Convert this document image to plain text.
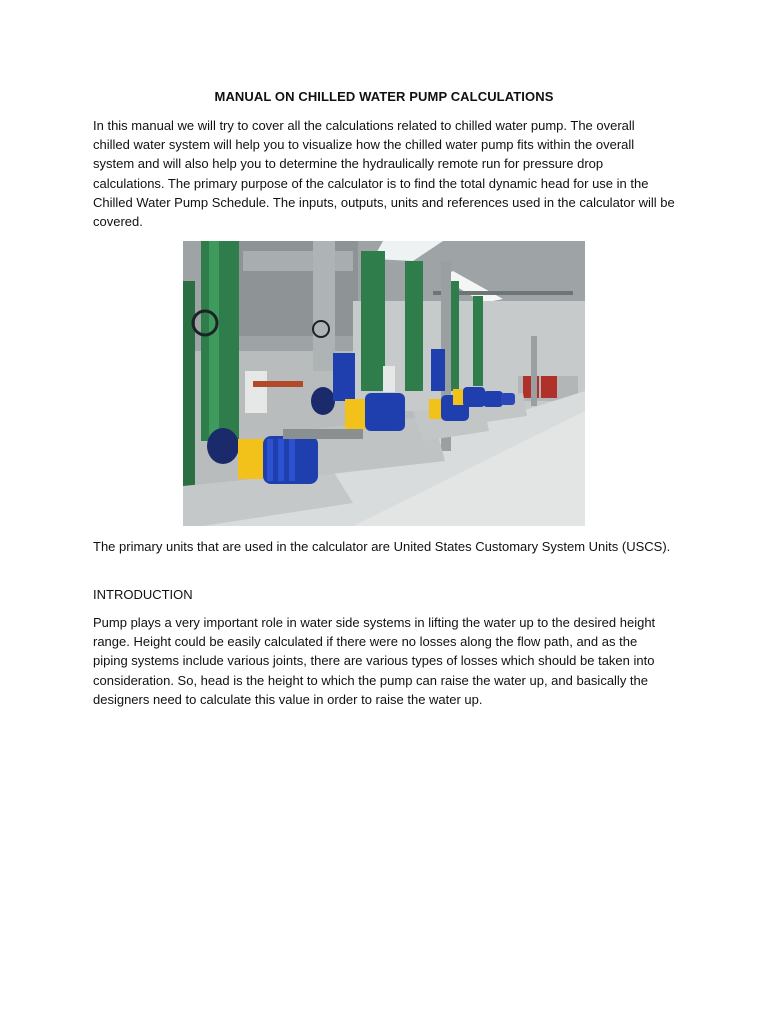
MANUAL ON CHILLED WATER PUMP CALCULATIONS
In this manual we will try to cover all the calculations related to chilled water pump. The overall chilled water system will help you to visualize how the chilled water pump fits within the overall system and will also help you to determine the hydraulically remote run for pressure drop calculations. The primary purpose of the calculator is to find the total dynamic head for use in the Chilled Water Pump Schedule. The inputs, outputs, units and references used in the calculator will be covered.
The primary units that are used in the calculator are United States Customary System Units (USCS).
INTRODUCTION
Pump plays a very important role in water side systems in lifting the water up to the desired height range. Height could be easily calculated if there were no losses along the flow path, and as the piping systems include various joints, there are various types of losses which should be taken into consideration. So, head is the height to which the pump can raise the water up, and basically the designers need to calculate this value in order to raise the water up.
